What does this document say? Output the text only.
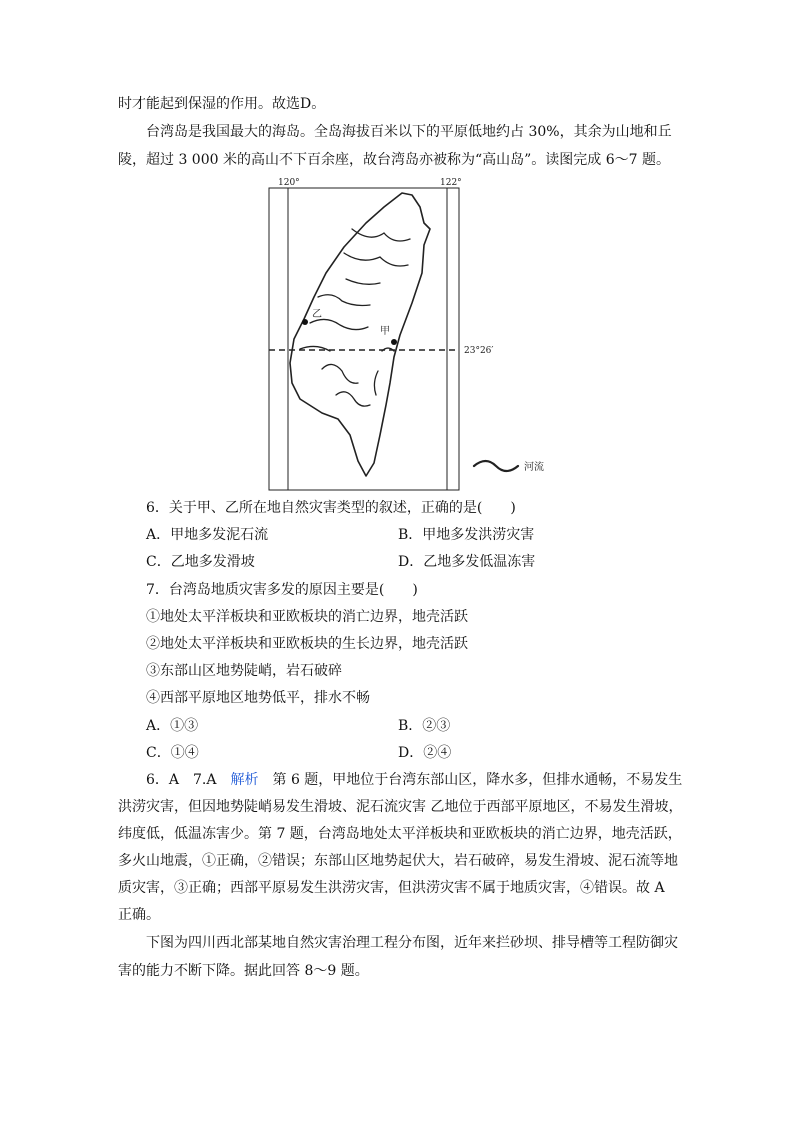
时才能起到保湿的作用。故选D。
台湾岛是我国最大的海岛。全岛海拔百米以下的平原低地约占 30%，其余为山地和丘
陵，超过 3 000 米的高山不下百余座，故台湾岛亦被称为“高山岛”。读图完成 6～7 题。
120°	122°
23°26′
乙
甲
河流
6．关于甲、乙所在地自然灾害类型的叙述，正确的是(　　)
A．甲地多发泥石流	B．甲地多发洪涝灾害
C．乙地多发滑坡	D．乙地多发低温冻害
7．台湾岛地质灾害多发的原因主要是(　　)
①地处太平洋板块和亚欧板块的消亡边界，地壳活跃
②地处太平洋板块和亚欧板块的生长边界，地壳活跃
③东部山区地势陡峭，岩石破碎
④西部平原地区地势低平，排水不畅
A．①③	B．②③
C．①④	D．②④
6．A　7.A　解析　第 6 题，甲地位于台湾东部山区，降水多，但排水通畅，不易发生
洪涝灾害，但因地势陡峭易发生滑坡、泥石流灾害 乙地位于西部平原地区，不易发生滑坡，
纬度低，低温冻害少。第 7 题，台湾岛地处太平洋板块和亚欧板块的消亡边界，地壳活跃，
多火山地震，①正确，②错误；东部山区地势起伏大，岩石破碎，易发生滑坡、泥石流等地
质灾害，③正确；西部平原易发生洪涝灾害，但洪涝灾害不属于地质灾害，④错误。故 A
正确。
下图为四川西北部某地自然灾害治理工程分布图，近年来拦砂坝、排导槽等工程防御灾
害的能力不断下降。据此回答 8～9 题。
